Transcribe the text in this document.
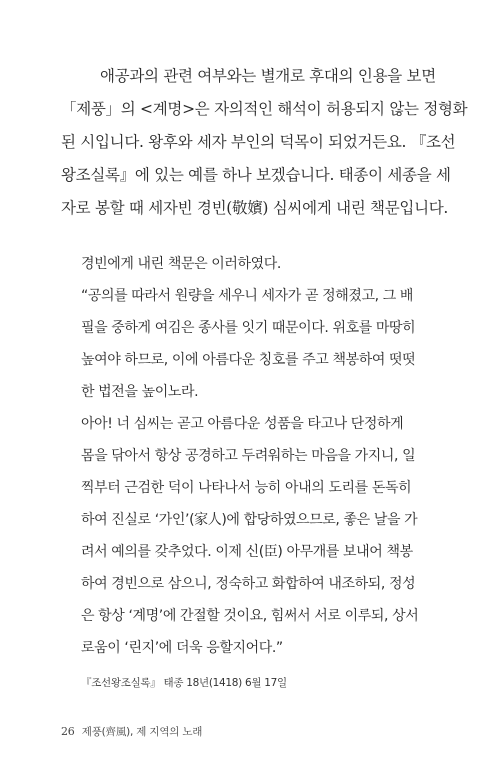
애공과의 관련 여부와는 별개로 후대의 인용을 보면

「제풍」의 <계명>은 자의적인 해석이 허용되지 않는 정형화

된 시입니다. 왕후와 세자 부인의 덕목이 되었거든요. 『조선

왕조실록』에 있는 예를 하나 보겠습니다. 태종이 세종을 세

자로 봉할 때 세자빈 경빈(敬嬪) 심씨에게 내린 책문입니다.

경빈에게 내린 책문은 이러하였다.

“공의를 따라서 원량을 세우니 세자가 곧 정해졌고, 그 배

필을 중하게 여김은 종사를 잇기 때문이다. 위호를 마땅히

높여야 하므로, 이에 아름다운 칭호를 주고 책봉하여 떳떳

한 법전을 높이노라.

아아! 너 심씨는 곧고 아름다운 성품을 타고나 단정하게

몸을 닦아서 항상 공경하고 두려워하는 마음을 가지니, 일

찍부터 근검한 덕이 나타나서 능히 아내의 도리를 돈독히

하여 진실로 ‘가인’(家人)에 합당하였으므로, 좋은 날을 가

려서 예의를 갖추었다. 이제 신(臣) 아무개를 보내어 책봉

하여 경빈으로 삼으니, 정숙하고 화합하여 내조하되, 정성

은 항상 ‘계명’에 간절할 것이요, 힘써서 서로 이루되, 상서

로움이 ‘린지’에 더욱 응할지어다.”

『조선왕조실록』 태종 18년(1418) 6월 17일

26 제풍(齊風), 제 지역의 노래
